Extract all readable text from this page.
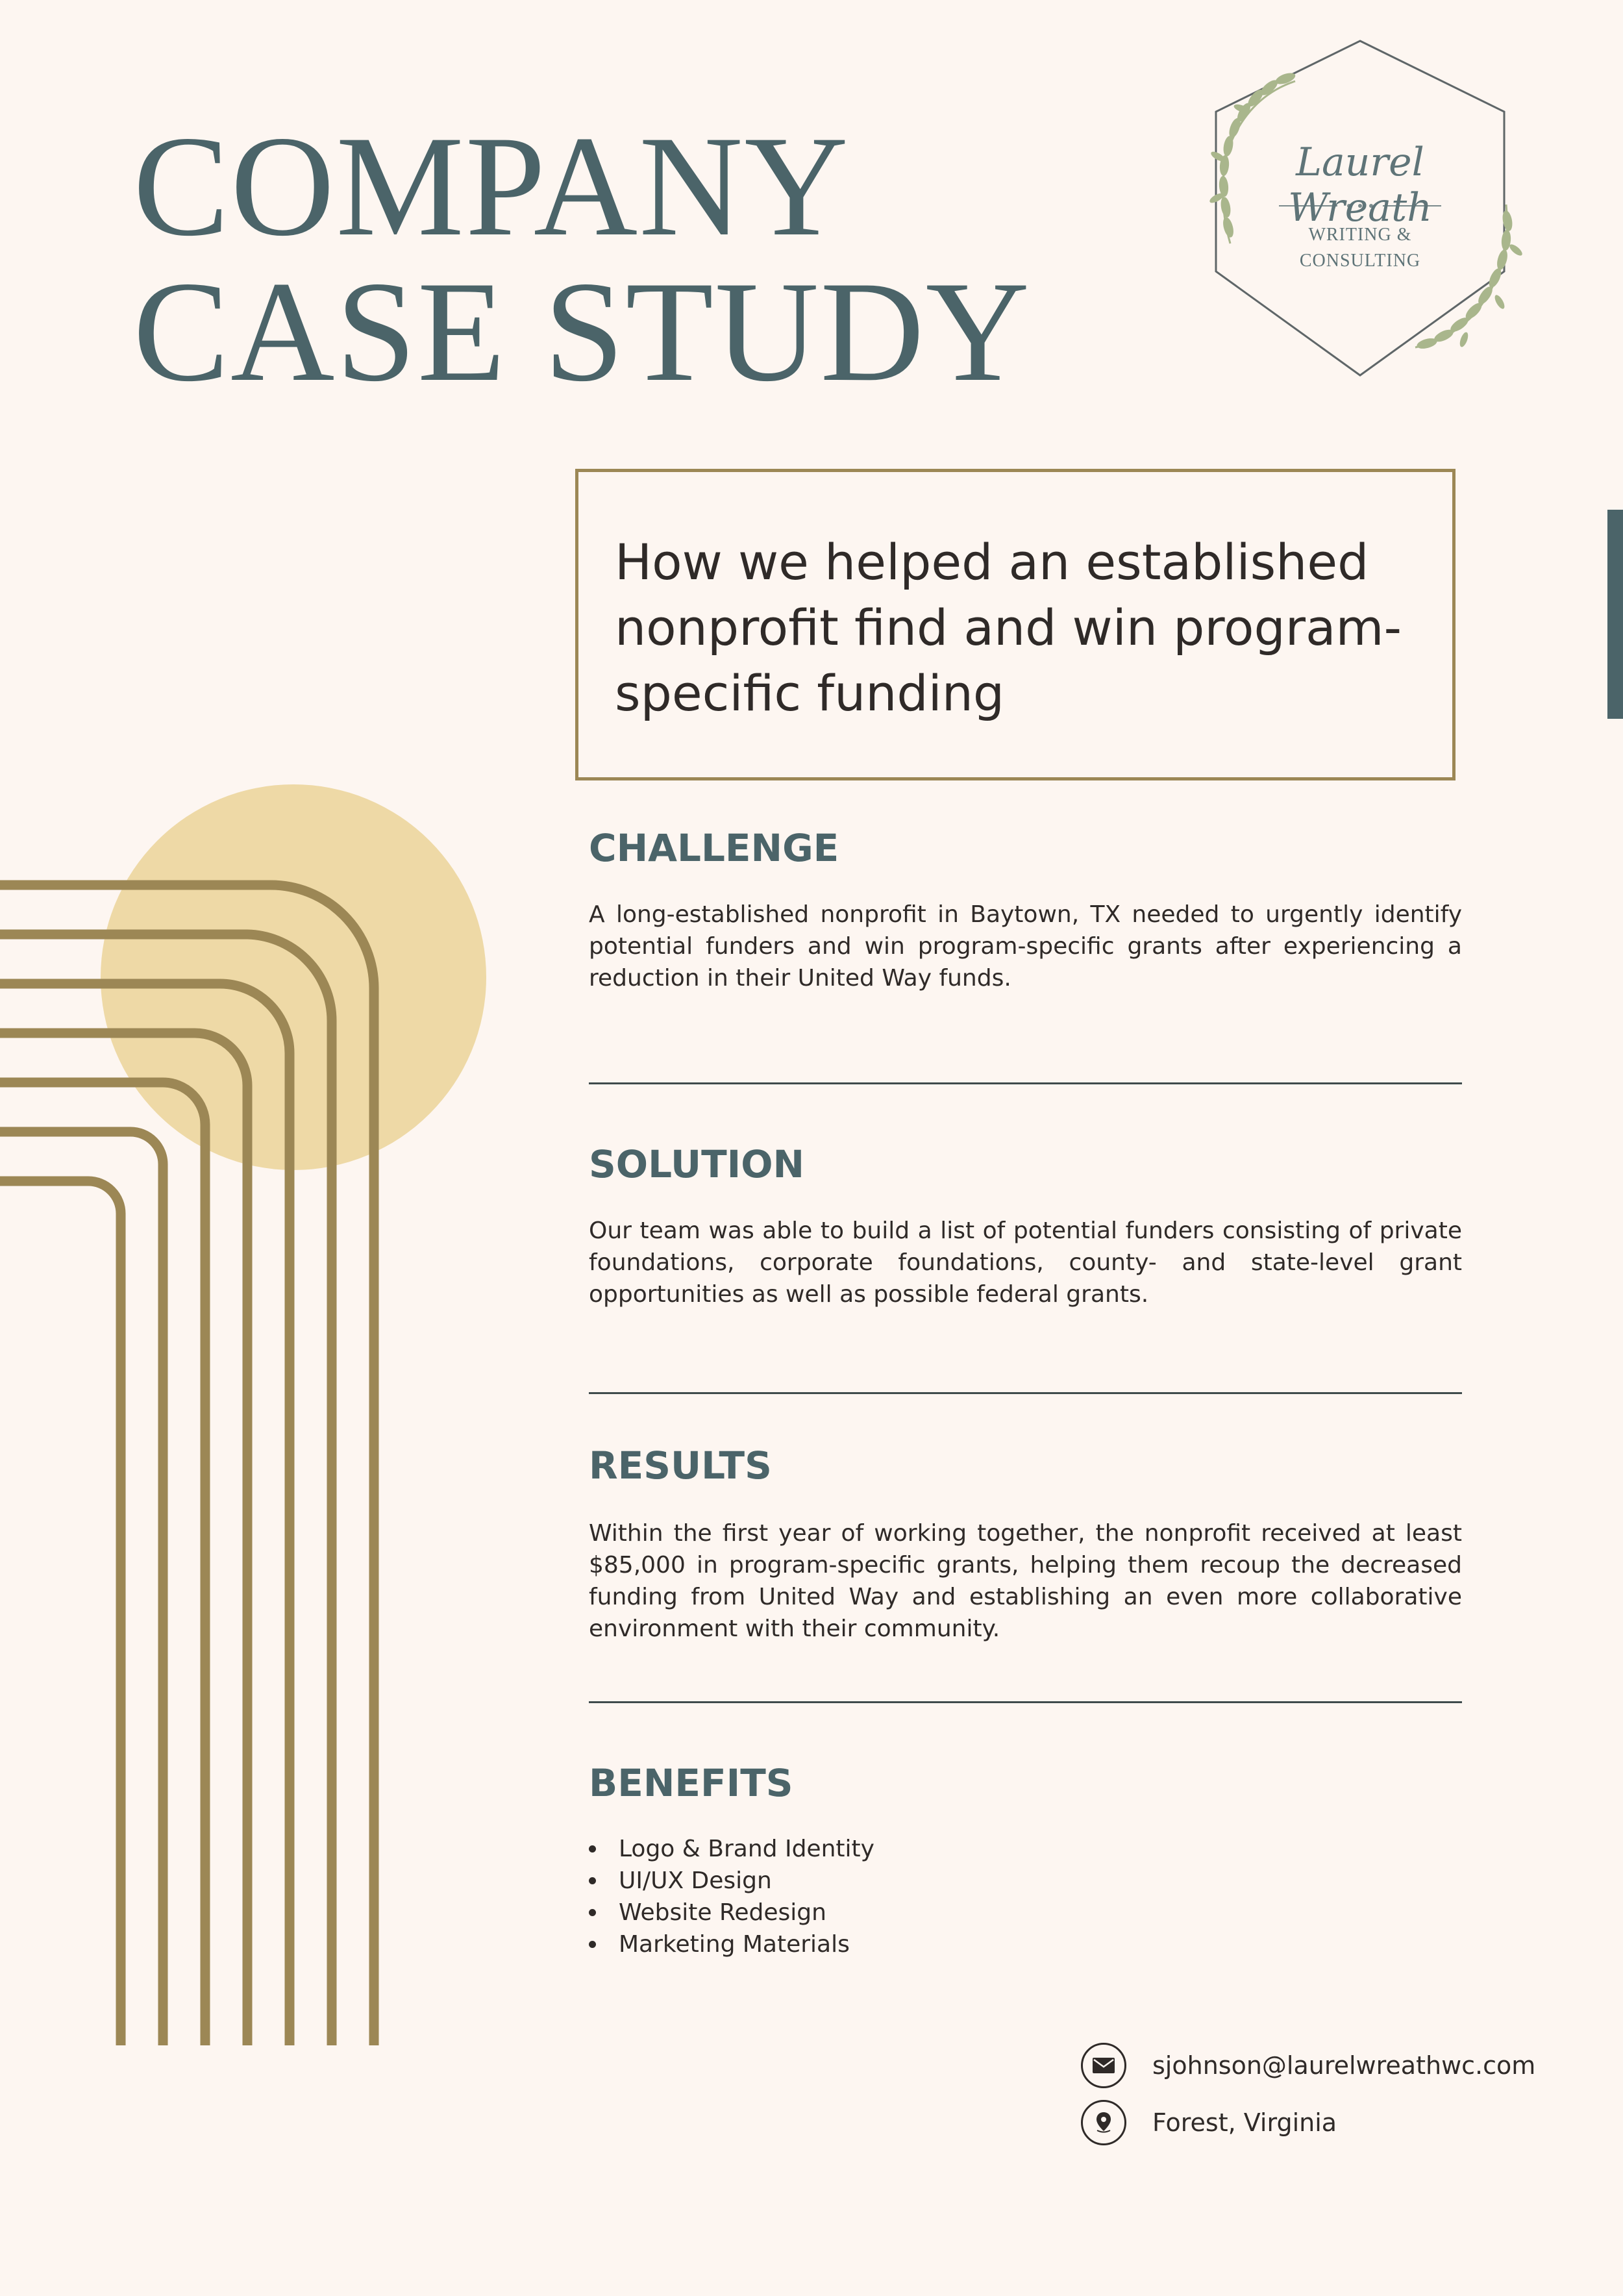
COMPANY
CASE STUDY
Laurel Wreath
WRITING &
CONSULTING
How we helped an established nonprofit find and win program-specific funding
CHALLENGE

A long-established nonprofit in Baytown, TX needed to urgently identify potential funders and win program-specific grants after experiencing a reduction in their United Way funds.

SOLUTION

Our team was able to build a list of potential funders consisting of private foundations, corporate foundations, county- and state-level grant opportunities as well as possible federal grants.

RESULTS

Within the first year of working together, the nonprofit received at least $85,000 in program-specific grants, helping them recoup the decreased funding from United Way and establishing an even more collaborative environment with their community.

BENEFITS
Logo & Brand Identity
UI/UX Design
Website Redesign
Marketing Materials
sjohnson@laurelwreathwc.com
Forest, Virginia
